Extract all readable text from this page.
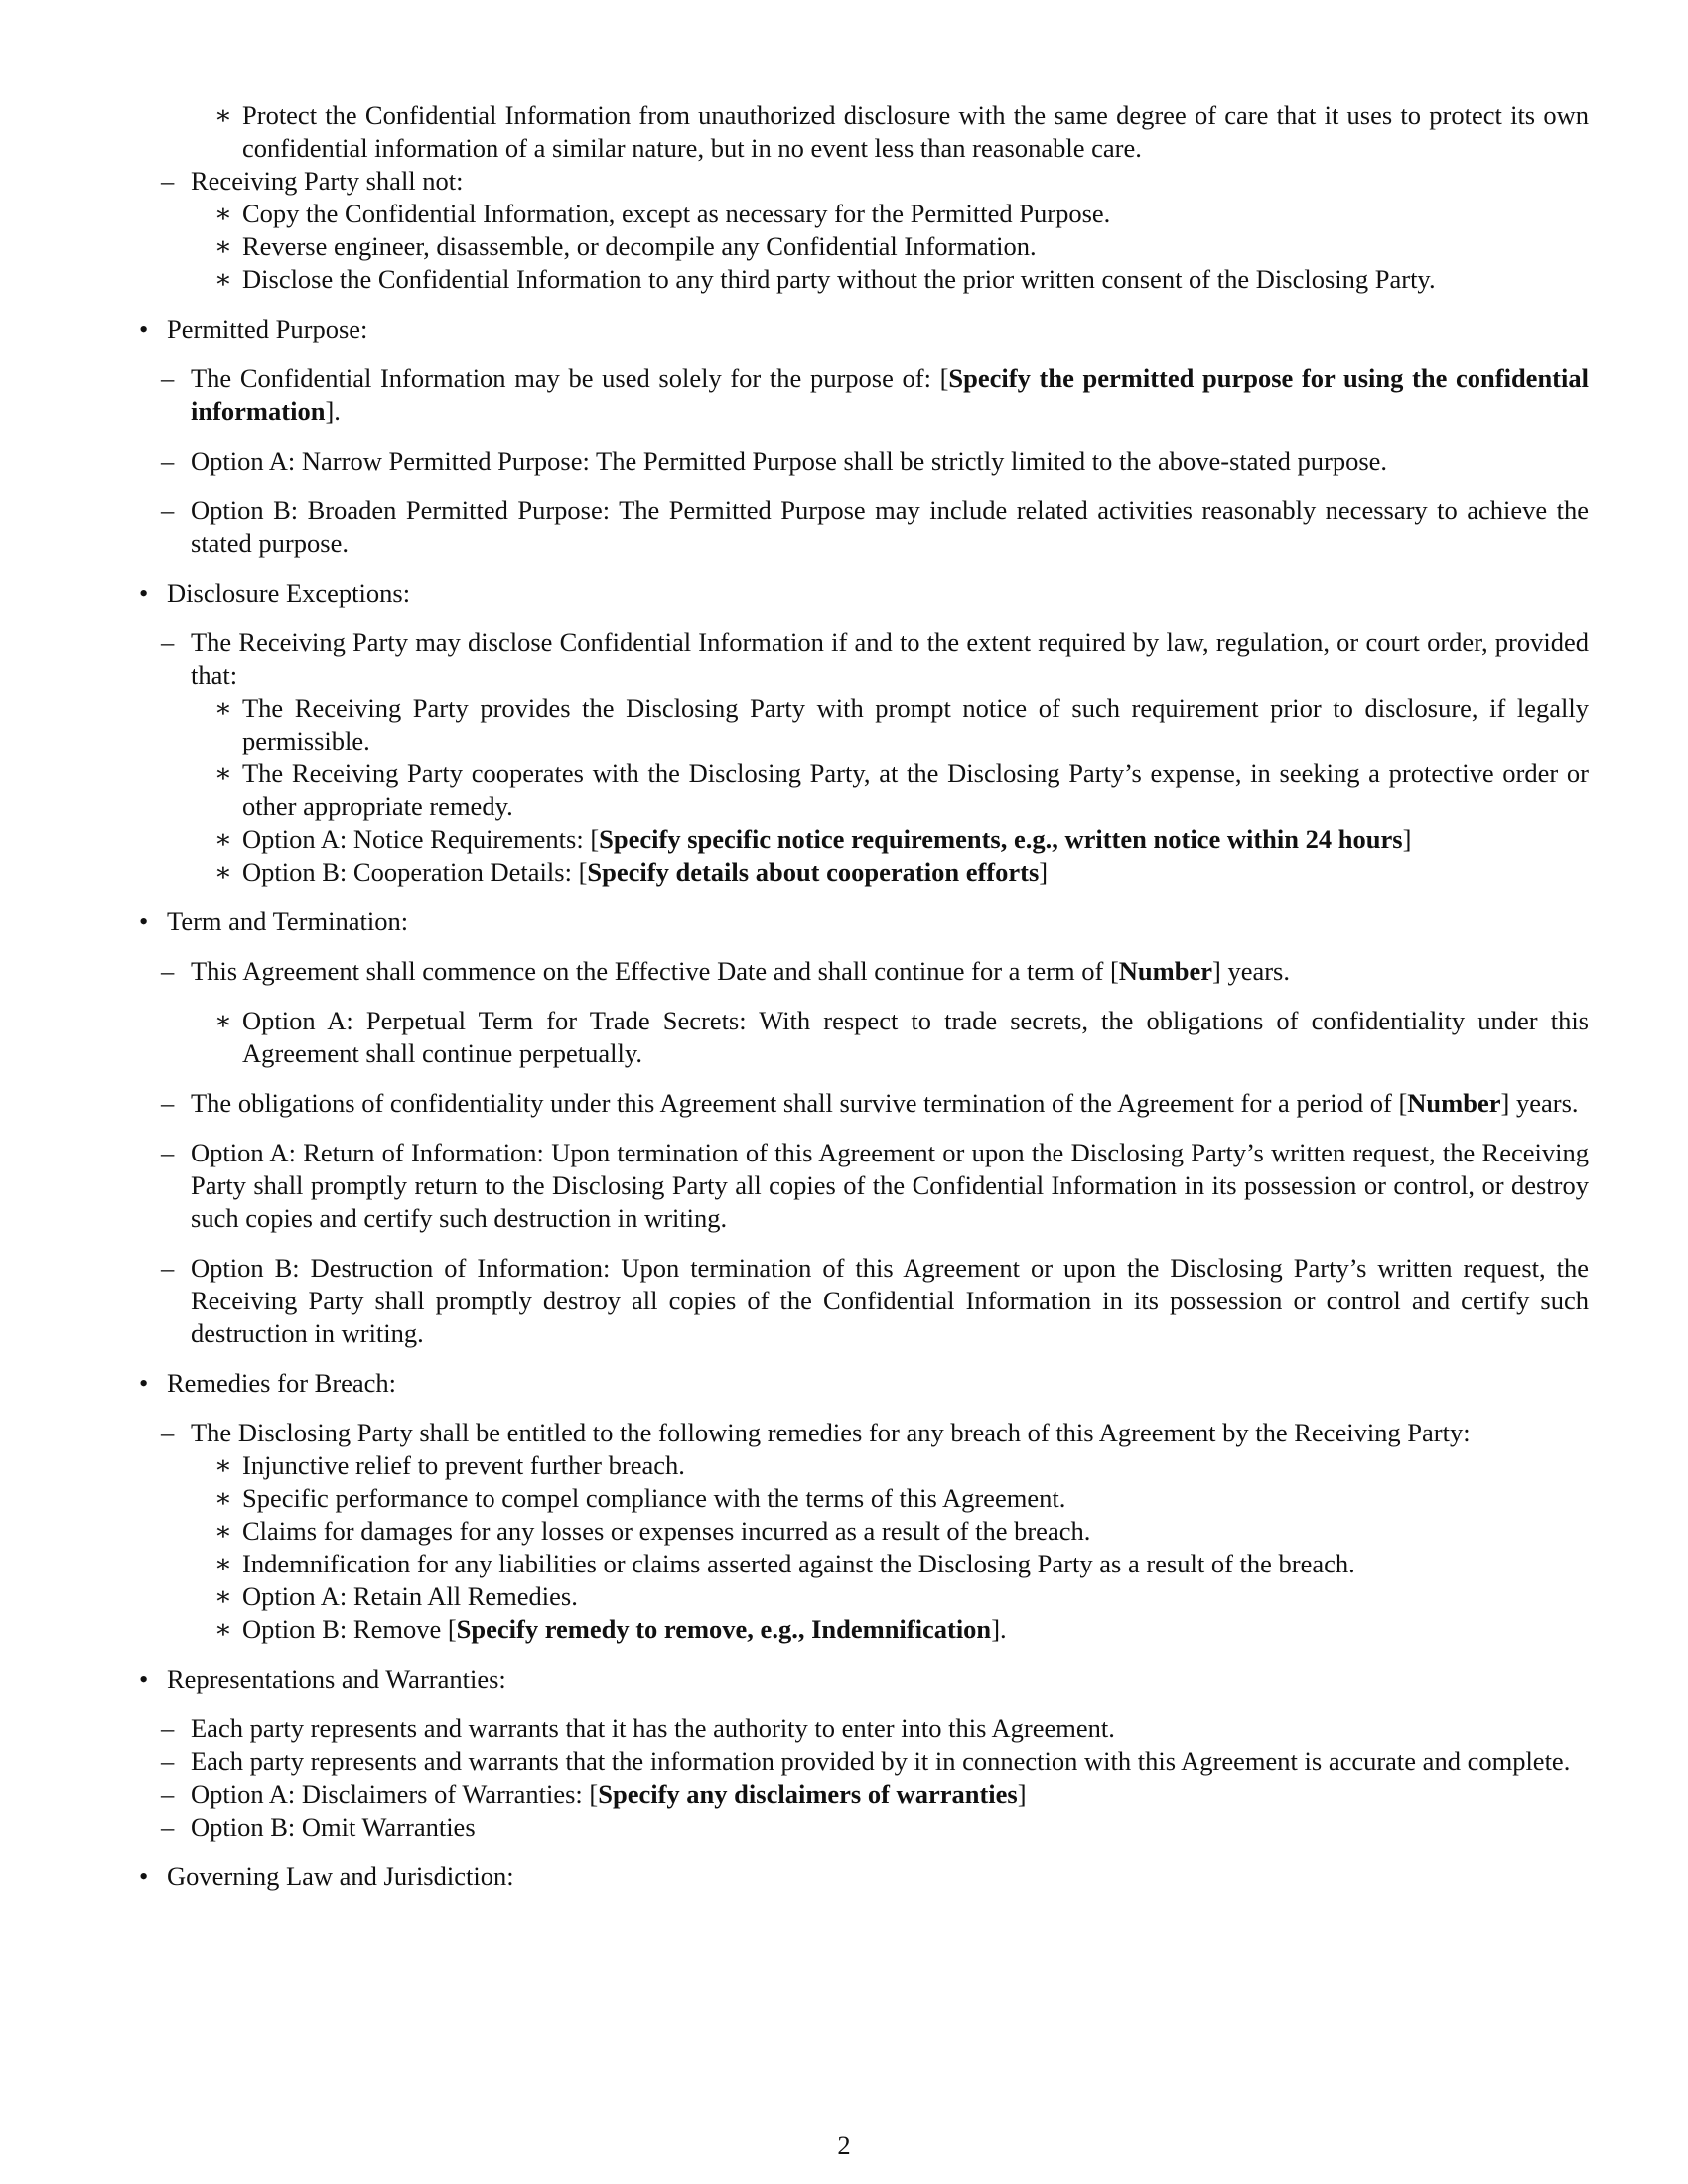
∗ Protect the Confidential Information from unauthorized disclosure with the same degree of care that it uses to protect its own confidential information of a similar nature, but in no event less than reasonable care.
– Receiving Party shall not:
∗ Copy the Confidential Information, except as necessary for the Permitted Purpose.
∗ Reverse engineer, disassemble, or decompile any Confidential Information.
∗ Disclose the Confidential Information to any third party without the prior written consent of the Disclosing Party.
• Permitted Purpose:
– The Confidential Information may be used solely for the purpose of: [Specify the permitted purpose for using the confidential information].
– Option A: Narrow Permitted Purpose: The Permitted Purpose shall be strictly limited to the above-stated purpose.
– Option B: Broaden Permitted Purpose: The Permitted Purpose may include related activities reasonably necessary to achieve the stated purpose.
• Disclosure Exceptions:
– The Receiving Party may disclose Confidential Information if and to the extent required by law, regulation, or court order, provided that:
∗ The Receiving Party provides the Disclosing Party with prompt notice of such requirement prior to disclosure, if legally permissible.
∗ The Receiving Party cooperates with the Disclosing Party, at the Disclosing Party’s expense, in seeking a protective order or other appropriate remedy.
∗ Option A: Notice Requirements: [Specify specific notice requirements, e.g., written notice within 24 hours]
∗ Option B: Cooperation Details: [Specify details about cooperation efforts]
• Term and Termination:
– This Agreement shall commence on the Effective Date and shall continue for a term of [Number] years.
∗ Option A: Perpetual Term for Trade Secrets: With respect to trade secrets, the obligations of confidentiality under this Agreement shall continue perpetually.
– The obligations of confidentiality under this Agreement shall survive termination of the Agreement for a period of [Number] years.
– Option A: Return of Information: Upon termination of this Agreement or upon the Disclosing Party’s written request, the Receiving Party shall promptly return to the Disclosing Party all copies of the Confidential Information in its possession or control, or destroy such copies and certify such destruction in writing.
– Option B: Destruction of Information: Upon termination of this Agreement or upon the Disclosing Party’s written request, the Receiving Party shall promptly destroy all copies of the Confidential Information in its possession or control and certify such destruction in writing.
• Remedies for Breach:
– The Disclosing Party shall be entitled to the following remedies for any breach of this Agreement by the Receiving Party:
∗ Injunctive relief to prevent further breach.
∗ Specific performance to compel compliance with the terms of this Agreement.
∗ Claims for damages for any losses or expenses incurred as a result of the breach.
∗ Indemnification for any liabilities or claims asserted against the Disclosing Party as a result of the breach.
∗ Option A: Retain All Remedies.
∗ Option B: Remove [Specify remedy to remove, e.g., Indemnification].
• Representations and Warranties:
– Each party represents and warrants that it has the authority to enter into this Agreement.
– Each party represents and warrants that the information provided by it in connection with this Agreement is accurate and complete.
– Option A: Disclaimers of Warranties: [Specify any disclaimers of warranties]
– Option B: Omit Warranties
• Governing Law and Jurisdiction:
2
